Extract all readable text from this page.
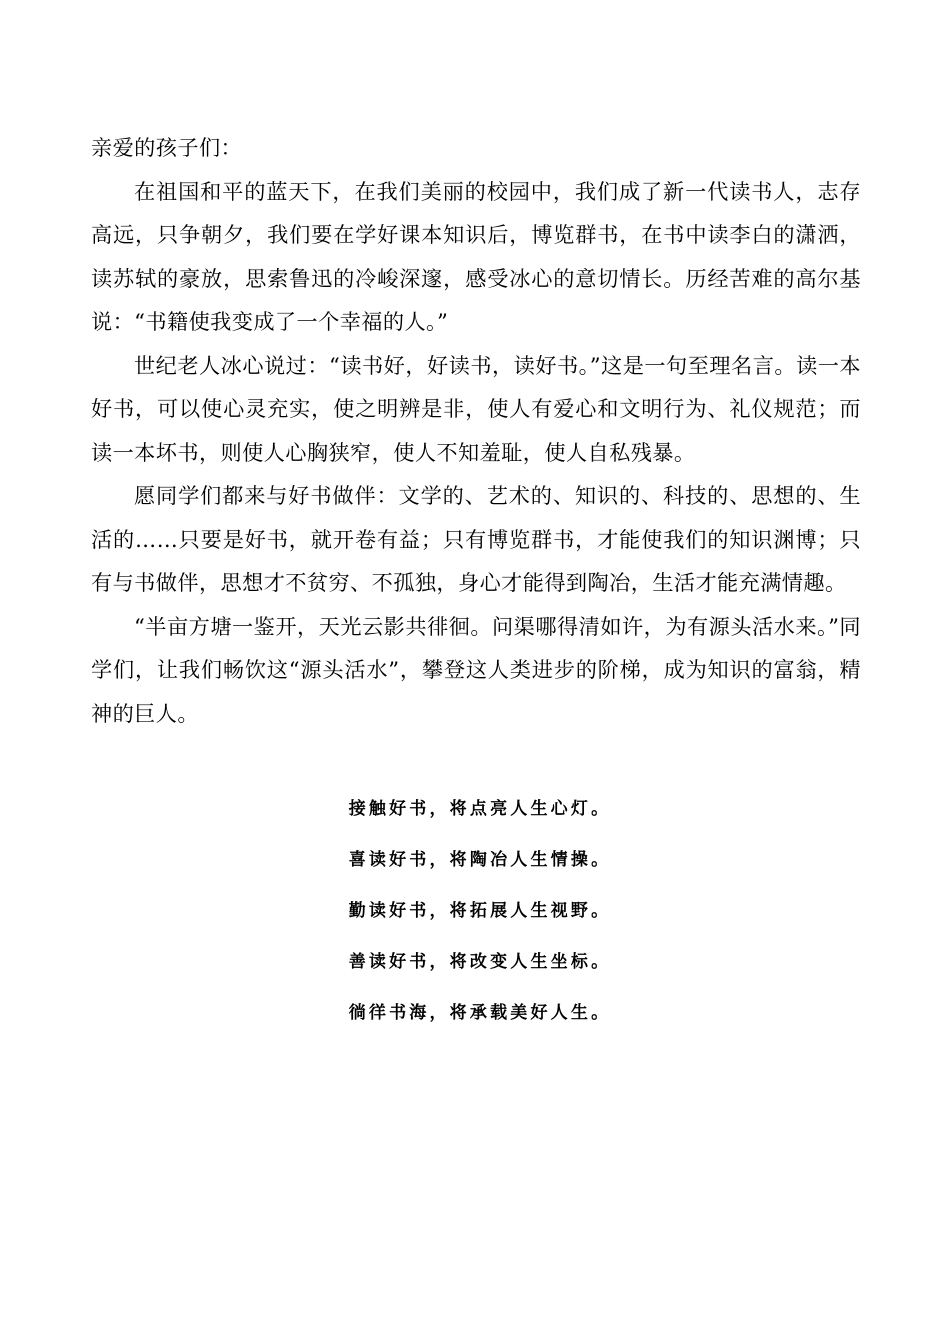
亲爱的孩子们：

在祖国和平的蓝天下，在我们美丽的校园中，我们成了新一代读书人，志存高远，只争朝夕，我们要在学好课本知识后，博览群书，在书中读李白的潇洒，读苏轼的豪放，思索鲁迅的冷峻深邃，感受冰心的意切情长。历经苦难的高尔基说：“书籍使我变成了一个幸福的人。”

世纪老人冰心说过：“读书好，好读书，读好书。”这是一句至理名言。读一本好书，可以使心灵充实，使之明辨是非，使人有爱心和文明行为、礼仪规范；而读一本坏书，则使人心胸狭窄，使人不知羞耻，使人自私残暴。

愿同学们都来与好书做伴：文学的、艺术的、知识的、科技的、思想的、生活的……只要是好书，就开卷有益；只有博览群书，才能使我们的知识渊博；只有与书做伴，思想才不贫穷、不孤独，身心才能得到陶冶，生活才能充满情趣。

“半亩方塘一鉴开，天光云影共徘徊。问渠哪得清如许，为有源头活水来。”同学们，让我们畅饮这“源头活水”，攀登这人类进步的阶梯，成为知识的富翁，精神的巨人。

接触好书，将点亮人生心灯。

喜读好书，将陶冶人生情操。

勤读好书，将拓展人生视野。

善读好书，将改变人生坐标。

徜徉书海，将承载美好人生。
